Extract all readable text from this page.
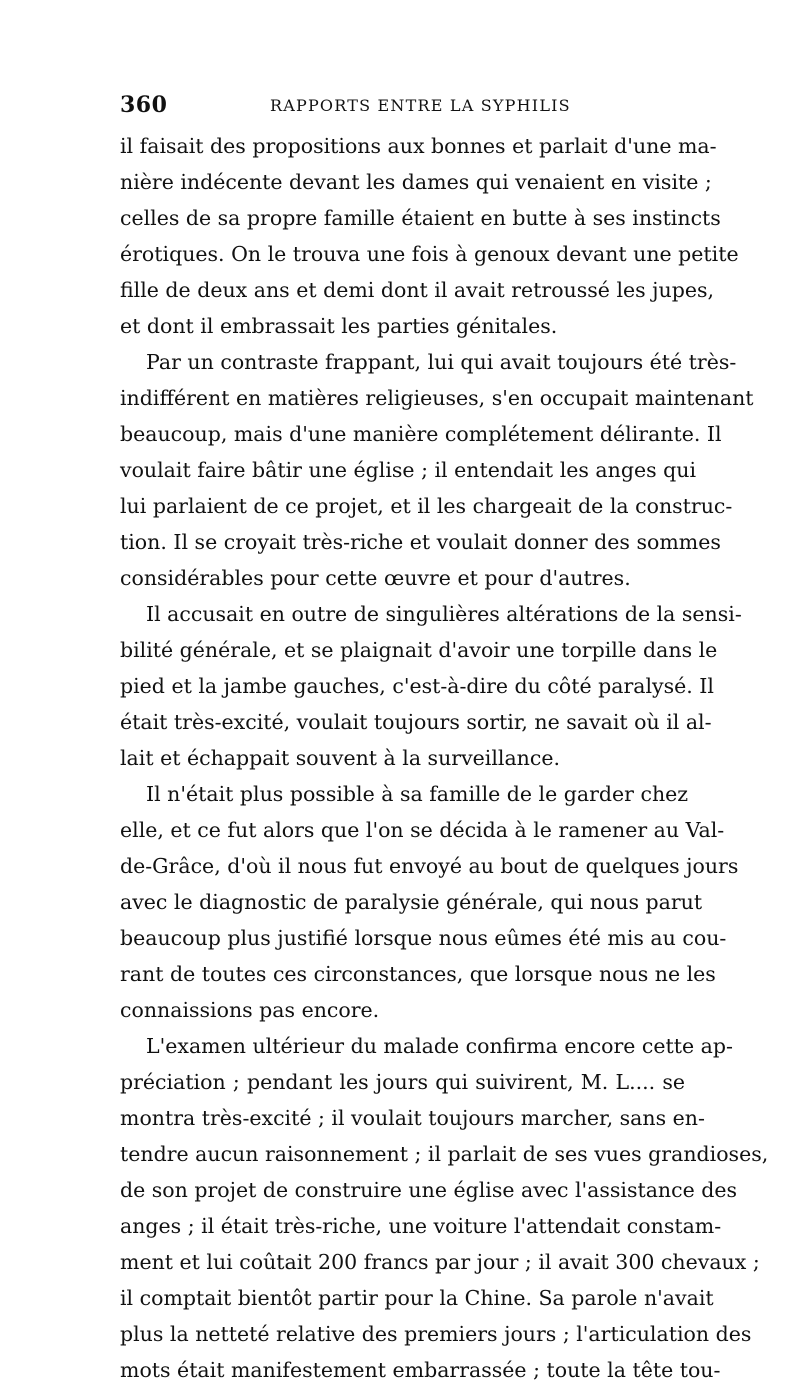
360	RAPPORTS ENTRE LA SYPHILIS
il faisait des propositions aux bonnes et parlait d'une ma-
nière indécente devant les dames qui venaient en visite ;
celles de sa propre famille étaient en butte à ses instincts
érotiques. On le trouva une fois à genoux devant une petite
fille de deux ans et demi dont il avait retroussé les jupes,
et dont il embrassait les parties génitales.
Par un contraste frappant, lui qui avait toujours été très-
indifférent en matières religieuses, s'en occupait maintenant
beaucoup, mais d'une manière complétement délirante. Il
voulait faire bâtir une église ; il entendait les anges qui
lui parlaient de ce projet, et il les chargeait de la construc-
tion. Il se croyait très-riche et voulait donner des sommes
considérables pour cette œuvre et pour d'autres.
Il accusait en outre de singulières altérations de la sensi-
bilité générale, et se plaignait d'avoir une torpille dans le
pied et la jambe gauches, c'est-à-dire du côté paralysé. Il
était très-excité, voulait toujours sortir, ne savait où il al-
lait et échappait souvent à la surveillance.
Il n'était plus possible à sa famille de le garder chez
elle, et ce fut alors que l'on se décida à le ramener au Val-
de-Grâce, d'où il nous fut envoyé au bout de quelques jours
avec le diagnostic de paralysie générale, qui nous parut
beaucoup plus justifié lorsque nous eûmes été mis au cou-
rant de toutes ces circonstances, que lorsque nous ne les
connaissions pas encore.
L'examen ultérieur du malade confirma encore cette ap-
préciation ; pendant les jours qui suivirent, M. L.... se
montra très-excité ; il voulait toujours marcher, sans en-
tendre aucun raisonnement ; il parlait de ses vues grandioses,
de son projet de construire une église avec l'assistance des
anges ; il était très-riche, une voiture l'attendait constam-
ment et lui coûtait 200 francs par jour ; il avait 300 chevaux ;
il comptait bientôt partir pour la Chine. Sa parole n'avait
plus la netteté relative des premiers jours ; l'articulation des
mots était manifestement embarrassée ; toute la tête tou-
